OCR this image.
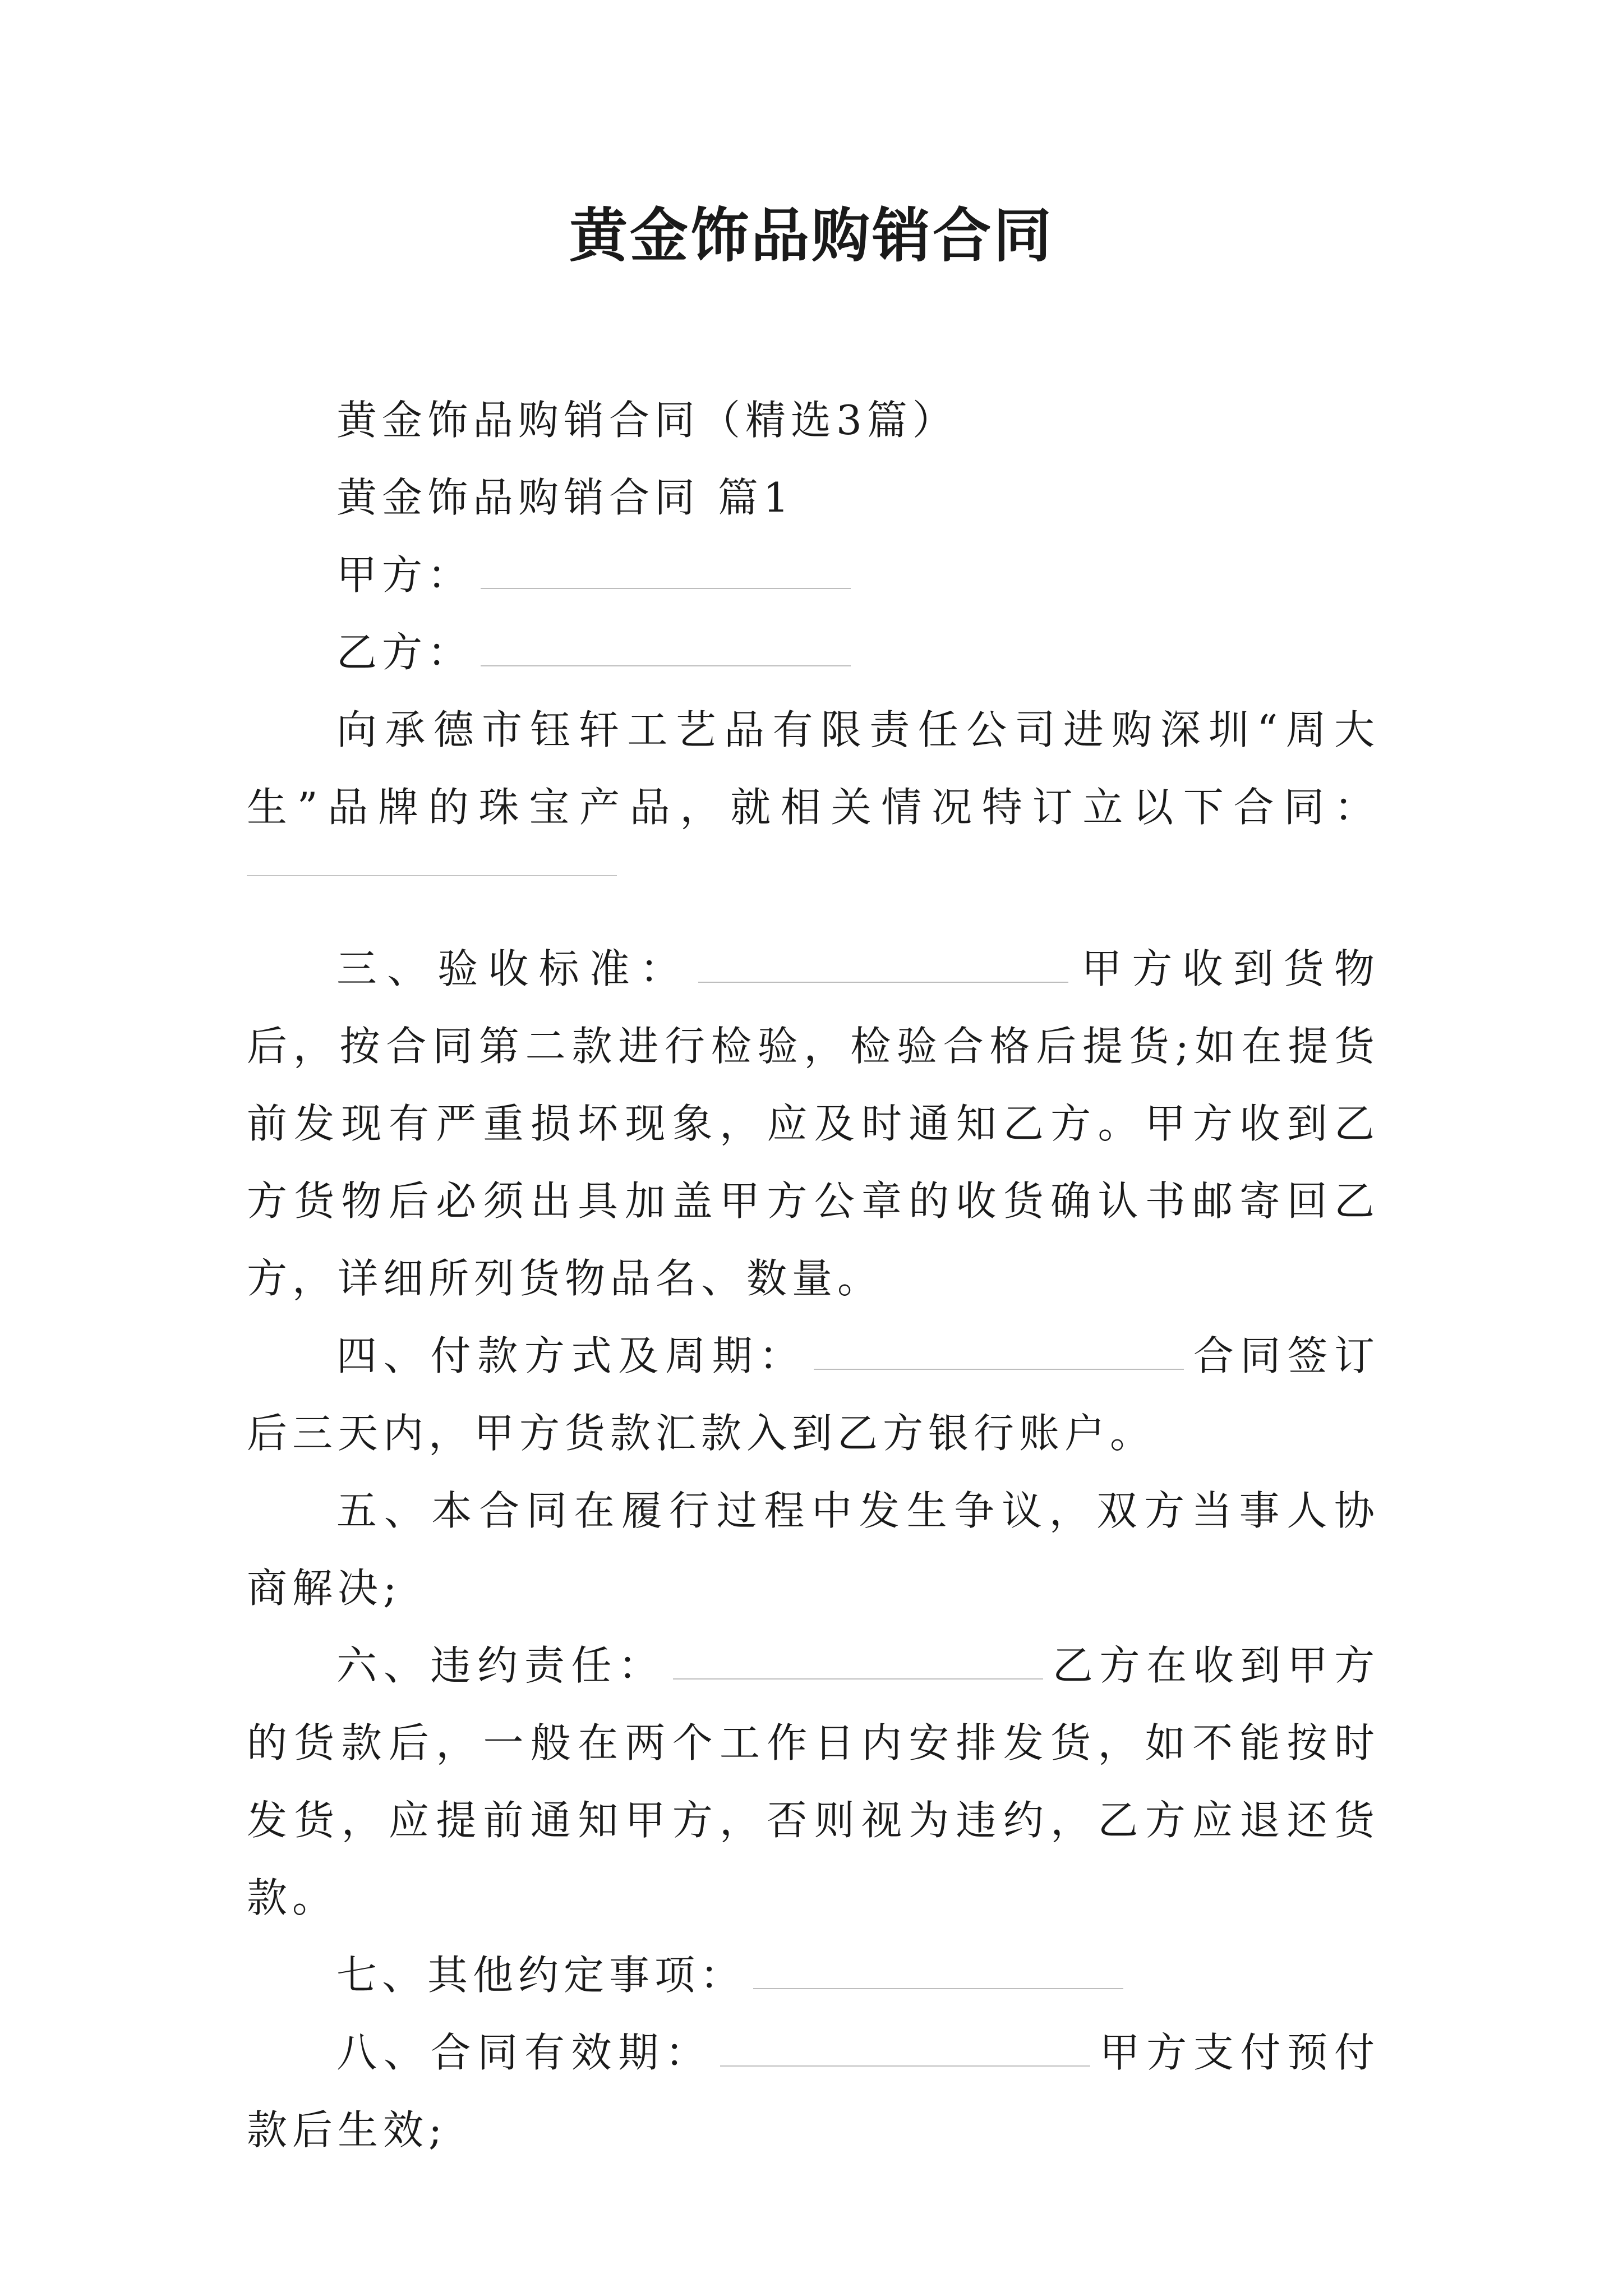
黄金饰品购销合同

黄金饰品购销合同（精选3篇）

黄金饰品购销合同 篇1

甲方：

乙方：

向承德市钰轩工艺品有限责任公司进购深圳“周大生”品牌的珠宝产品，就相关情况特订立以下合同：

三、验收标准：	甲方收到货物后，按合同第二款进行检验，检验合格后提货;如在提货前发现有严重损坏现象，应及时通知乙方。甲方收到乙方货物后必须出具加盖甲方公章的收货确认书邮寄回乙方，详细所列货物品名、数量。

四、付款方式及周期：	合同签订后三天内，甲方货款汇款入到乙方银行账户。

五、本合同在履行过程中发生争议，双方当事人协商解决;

六、违约责任：	乙方在收到甲方的货款后，一般在两个工作日内安排发货，如不能按时发货，应提前通知甲方，否则视为违约，乙方应退还货款。

七、其他约定事项：

八、合同有效期：	甲方支付预付款后生效;
